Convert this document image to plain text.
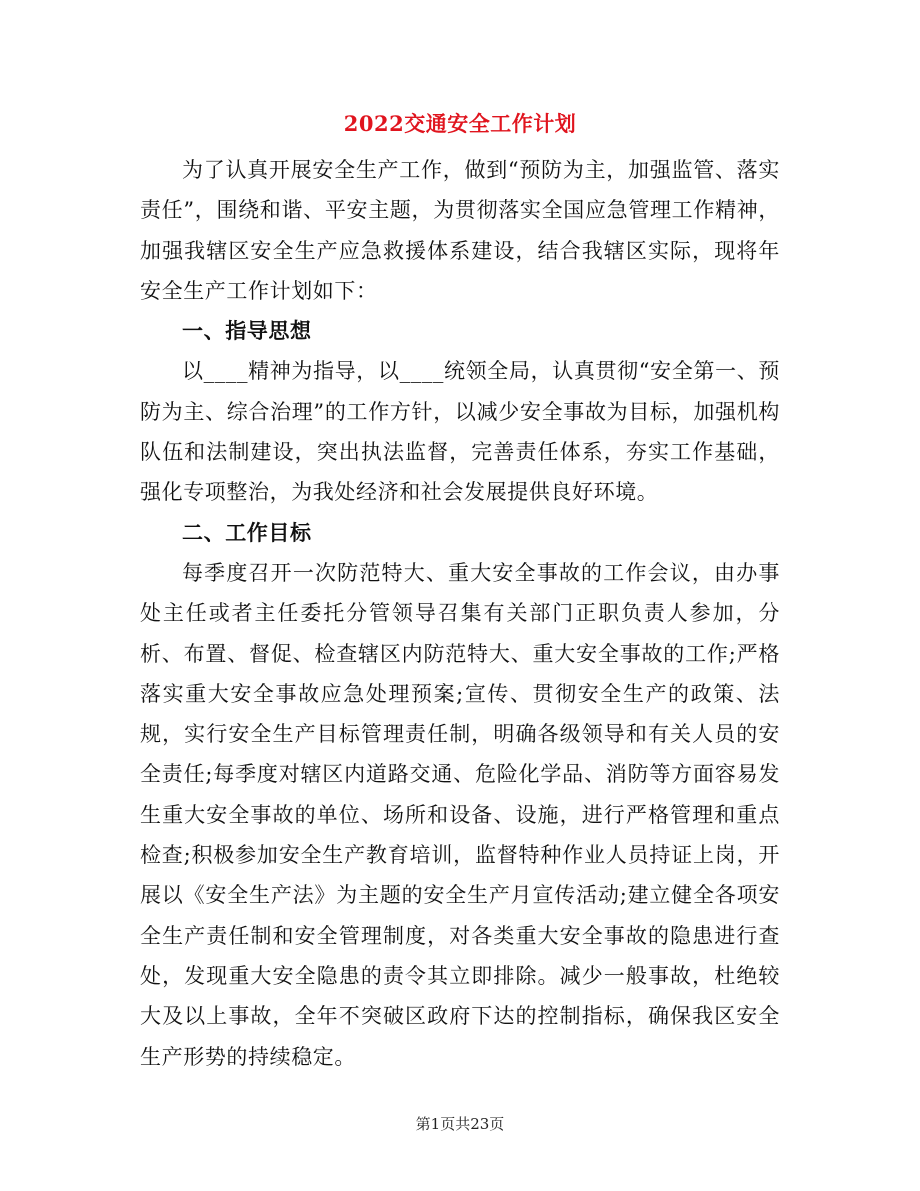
2022交通安全工作计划

为了认真开展安全生产工作，做到“预防为主，加强监管、落实责任”，围绕和谐、平安主题，为贯彻落实全国应急管理工作精神，加强我辖区安全生产应急救援体系建设，结合我辖区实际，现将年安全生产工作计划如下：

一、指导思想

以____精神为指导，以____统领全局，认真贯彻“安全第一、预防为主、综合治理”的工作方针，以减少安全事故为目标，加强机构队伍和法制建设，突出执法监督，完善责任体系，夯实工作基础，强化专项整治，为我处经济和社会发展提供良好环境。

二、工作目标

每季度召开一次防范特大、重大安全事故的工作会议，由办事处主任或者主任委托分管领导召集有关部门正职负责人参加，分析、布置、督促、检查辖区内防范特大、重大安全事故的工作;严格落实重大安全事故应急处理预案;宣传、贯彻安全生产的政策、法规，实行安全生产目标管理责任制，明确各级领导和有关人员的安全责任;每季度对辖区内道路交通、危险化学品、消防等方面容易发生重大安全事故的单位、场所和设备、设施，进行严格管理和重点检查;积极参加安全生产教育培训，监督特种作业人员持证上岗，开展以《安全生产法》为主题的安全生产月宣传活动;建立健全各项安全生产责任制和安全管理制度，对各类重大安全事故的隐患进行查处，发现重大安全隐患的责令其立即排除。减少一般事故，杜绝较大及以上事故，全年不突破区政府下达的控制指标，确保我区安全生产形势的持续稳定。

第1页共23页
